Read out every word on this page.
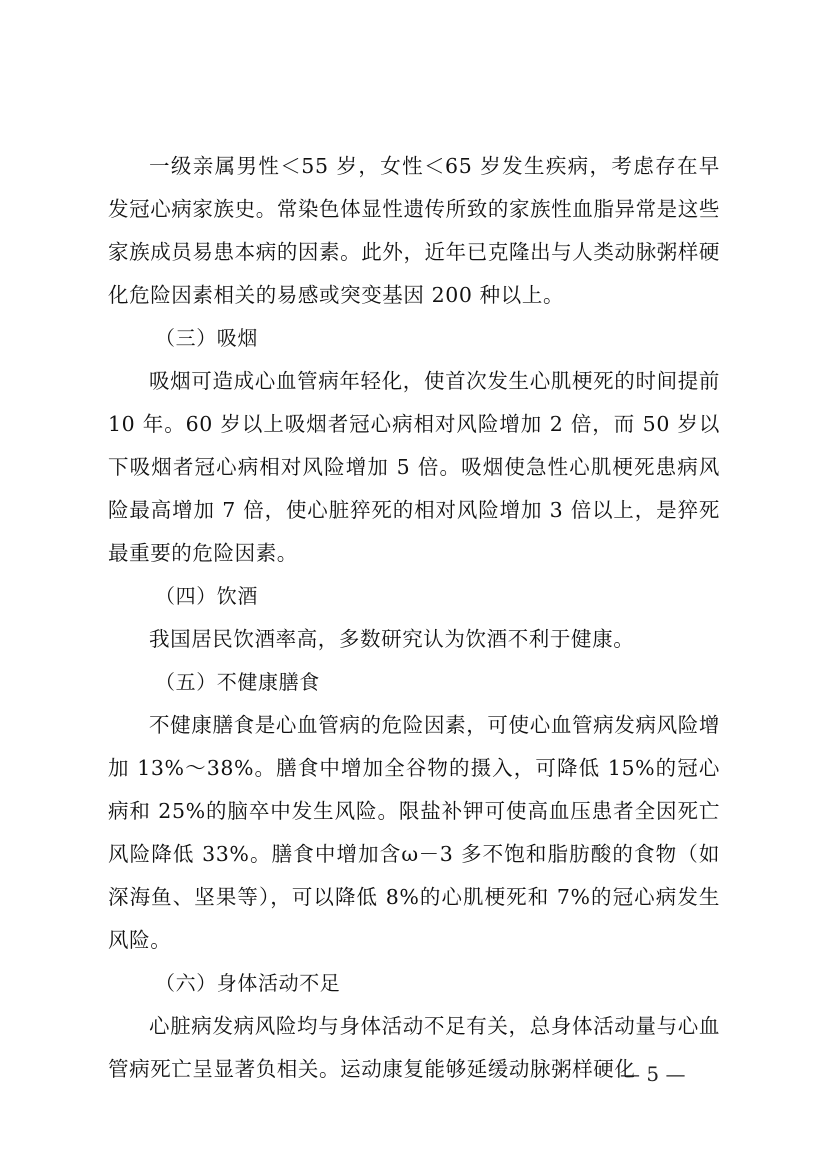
一级亲属男性＜55 岁，女性＜65 岁发生疾病，考虑存在早发冠心病家族史。常染色体显性遗传所致的家族性血脂异常是这些家族成员易患本病的因素。此外，近年已克隆出与人类动脉粥样硬化危险因素相关的易感或突变基因 200 种以上。

（三）吸烟

吸烟可造成心血管病年轻化，使首次发生心肌梗死的时间提前 10 年。60 岁以上吸烟者冠心病相对风险增加 2 倍，而 50 岁以下吸烟者冠心病相对风险增加 5 倍。吸烟使急性心肌梗死患病风险最高增加 7 倍，使心脏猝死的相对风险增加 3 倍以上，是猝死最重要的危险因素。

（四）饮酒

我国居民饮酒率高，多数研究认为饮酒不利于健康。

（五）不健康膳食

不健康膳食是心血管病的危险因素，可使心血管病发病风险增加 13%～38%。膳食中增加全谷物的摄入，可降低 15%的冠心病和 25%的脑卒中发生风险。限盐补钾可使高血压患者全因死亡风险降低 33%。膳食中增加含ω－3 多不饱和脂肪酸的食物（如深海鱼、坚果等），可以降低 8%的心肌梗死和 7%的冠心病发生风险。

（六）身体活动不足

心脏病发病风险均与身体活动不足有关，总身体活动量与心血管病死亡呈显著负相关。运动康复能够延缓动脉粥样硬化

— 5 —
